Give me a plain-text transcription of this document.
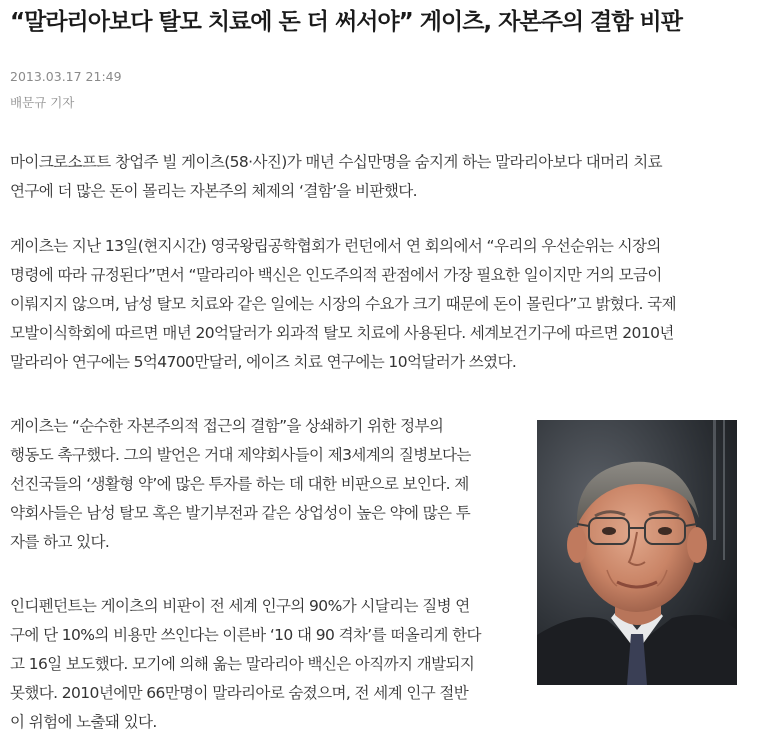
“말라리아보다 탈모 치료에 돈 더 써서야” 게이츠, 자본주의 결함 비판
2013.03.17 21:49
배문규 기자

마이크로소프트 창업주 빌 게이츠(58·사진)가 매년 수십만명을 숨지게 하는 말라리아보다 대머리 치료
연구에 더 많은 돈이 몰리는 자본주의 체제의 ‘결함’을 비판했다.

게이츠는 지난 13일(현지시간) 영국왕립공학협회가 런던에서 연 회의에서 “우리의 우선순위는 시장의
명령에 따라 규정된다”면서 “말라리아 백신은 인도주의적 관점에서 가장 필요한 일이지만 거의 모금이
이뤄지지 않으며, 남성 탈모 치료와 같은 일에는 시장의 수요가 크기 때문에 돈이 몰린다”고 밝혔다. 국제
모발이식학회에 따르면 매년 20억달러가 외과적 탈모 치료에 사용된다. 세계보건기구에 따르면 2010년
말라리아 연구에는 5억4700만달러, 에이즈 치료 연구에는 10억달러가 쓰였다.

게이츠는 “순수한 자본주의적 접근의 결함”을 상쇄하기 위한 정부의
행동도 촉구했다. 그의 발언은 거대 제약회사들이 제3세계의 질병보다는
선진국들의 ‘생활형 약’에 많은 투자를 하는 데 대한 비판으로 보인다. 제
약회사들은 남성 탈모 혹은 발기부전과 같은 상업성이 높은 약에 많은 투
자를 하고 있다.

인디펜던트는 게이츠의 비판이 전 세계 인구의 90%가 시달리는 질병 연
구에 단 10%의 비용만 쓰인다는 이른바 ‘10 대 90 격차’를 떠올리게 한다
고 16일 보도했다. 모기에 의해 옮는 말라리아 백신은 아직까지 개발되지
못했다. 2010년에만 66만명이 말라리아로 숨졌으며, 전 세계 인구 절반
이 위험에 노출돼 있다.
